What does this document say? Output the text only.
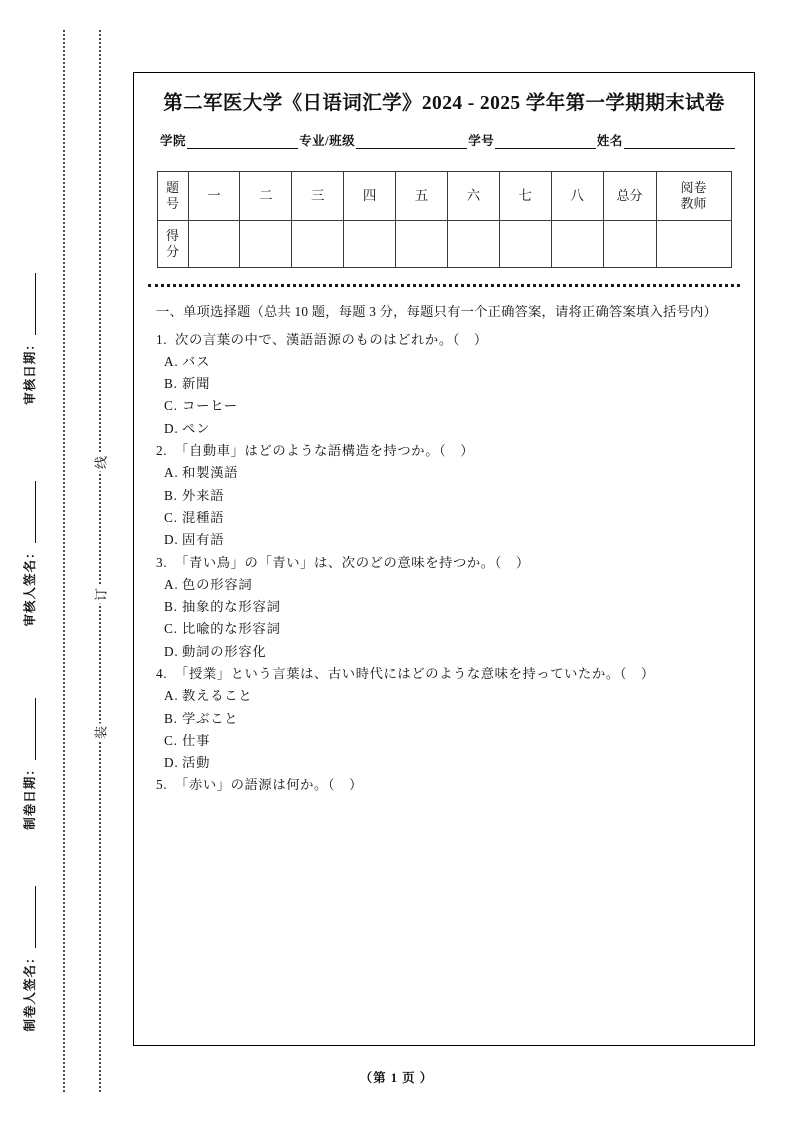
审核日期：
审核人签名：
制卷日期：
制卷人签名：
线
订
装
第二军医大学《日语词汇学》2024 - 2025 学年第一学期期末试卷
学院	专业/班级	学号	姓名
题
号	一	二	三	四	五	六	七	八	总分	阅卷
教师

得
分										

一、单项选择题（总共 10 题，每题 3 分，每题只有一个正确答案，请将正确答案填入括号内）
1. 次の言葉の中で、漢語語源のものはどれか。（　）
A. バス
B. 新聞
C. コーヒー
D. ペン
2. 「自動車」はどのような語構造を持つか。（　）
A. 和製漢語
B. 外来語
C. 混種語
D. 固有語
3. 「青い鳥」の「青い」は、次のどの意味を持つか。（　）
A. 色の形容詞
B. 抽象的な形容詞
C. 比喩的な形容詞
D. 動詞の形容化
4. 「授業」という言葉は、古い時代にはどのような意味を持っていたか。（　）
A. 教えること
B. 学ぶこと
C. 仕事
D. 活動
5. 「赤い」の語源は何か。（　）
（第 1 页 ）
